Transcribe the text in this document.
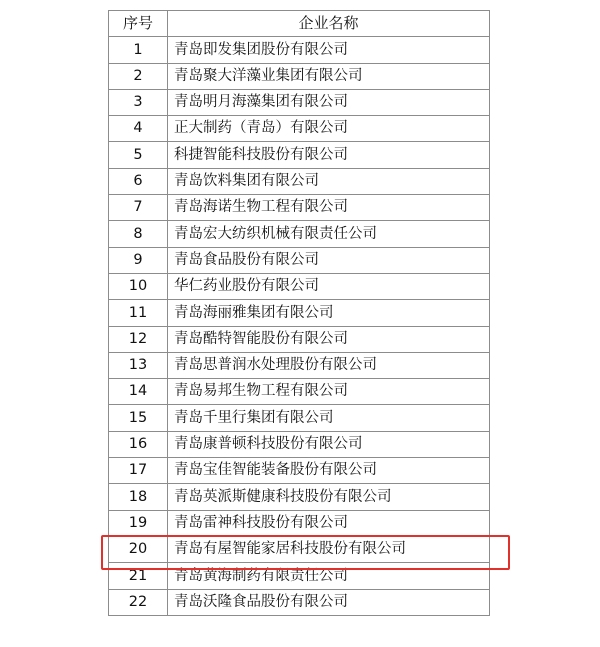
序号	企业名称
1	青岛即发集团股份有限公司
2	青岛聚大洋藻业集团有限公司
3	青岛明月海藻集团有限公司
4	正大制药（青岛）有限公司
5	科捷智能科技股份有限公司
6	青岛饮料集团有限公司
7	青岛海诺生物工程有限公司
8	青岛宏大纺织机械有限责任公司
9	青岛食品股份有限公司
10	华仁药业股份有限公司
11	青岛海丽雅集团有限公司
12	青岛酷特智能股份有限公司
13	青岛思普润水处理股份有限公司
14	青岛易邦生物工程有限公司
15	青岛千里行集团有限公司
16	青岛康普顿科技股份有限公司
17	青岛宝佳智能装备股份有限公司
18	青岛英派斯健康科技股份有限公司
19	青岛雷神科技股份有限公司
20	青岛有屋智能家居科技股份有限公司
21	青岛黄海制药有限责任公司
22	青岛沃隆食品股份有限公司
